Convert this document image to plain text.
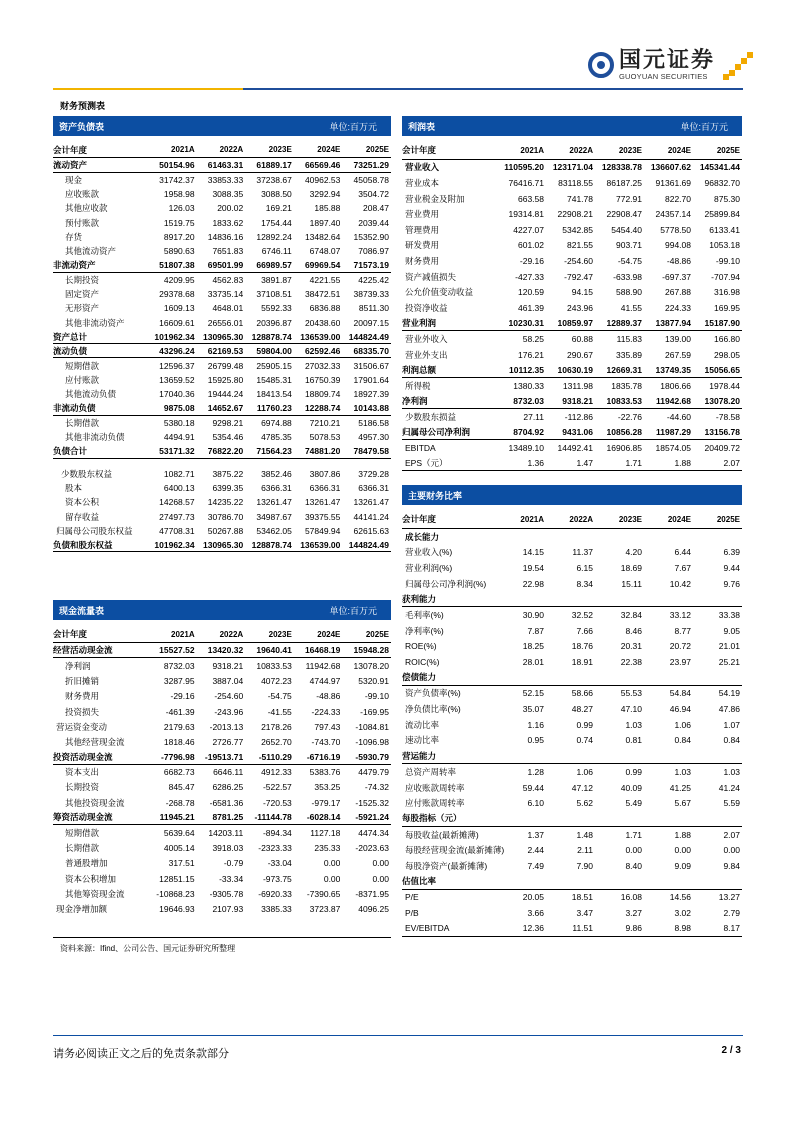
国元证券
GUOYUAN SECURITIES
财务预测表
资产负债表	单位:百万元
会计年度	2021A	2022A	2023E	2024E	2025E
流动资产	50154.96	61463.31	61889.17	66569.46	73251.29
现金	31742.37	33853.33	37238.67	40962.53	45058.78
应收账款	1958.98	3088.35	3088.50	3292.94	3504.72
其他应收款	126.03	200.02	169.21	185.88	208.47
预付账款	1519.75	1833.62	1754.44	1897.40	2039.44
存货	8917.20	14836.16	12892.24	13482.64	15352.90
其他流动资产	5890.63	7651.83	6746.11	6748.07	7086.97
非流动资产	51807.38	69501.99	66989.57	69969.54	71573.19
长期投资	4209.95	4562.83	3891.87	4221.55	4225.42
固定资产	29378.68	33735.14	37108.51	38472.51	38739.33
无形资产	1609.13	4648.01	5592.33	6836.88	8511.30
其他非流动资产	16609.61	26556.01	20396.87	20438.60	20097.15
资产总计	101962.34 130965.30 128878.74 136539.00 144824.49
流动负债	43296.24	62169.53	59804.00	62592.46	68335.70
短期借款	12596.37	26799.48	25905.15	27032.33	31506.67
应付账款	13659.52	15925.80	15485.31	16750.39	17901.64
其他流动负债	17040.36	19444.24	18413.54	18809.74	18927.39
非流动负债	9875.08	14652.67	11760.23	12288.74	10143.88
长期借款	5380.18	9298.21	6974.88	7210.21	5186.58
其他非流动负债	4494.91	5354.46	4785.35	5078.53	4957.30
负债合计	53171.32	76822.20	71564.23	74881.20	78479.58
少数股东权益	1082.71	3875.22	3852.46	3807.86	3729.28
股本	6400.13	6399.35	6366.31	6366.31	6366.31
资本公积	14268.57	14235.22	13261.47	13261.47	13261.47
留存收益	27497.73	30786.70	34987.67	39375.55	44141.24
归属母公司股东权益	47708.31	50267.88	53462.05	57849.94	62615.63
负债和股东权益	101962.34 130965.30 128878.74 136539.00 144824.49
现金流量表	单位:百万元
会计年度	2021A	2022A	2023E	2024E	2025E
经营活动现金流	15527.52	13420.32	19640.41	16468.19	15948.28
净利润	8732.03	9318.21	10833.53	11942.68	13078.20
折旧摊销	3287.95	3887.04	4072.23	4744.97	5320.91
财务费用	-29.16	-254.60	-54.75	-48.86	-99.10
投资损失	-461.39	-243.96	-41.55	-224.33	-169.95
营运资金变动	2179.63	-2013.13	2178.26	797.43	-1084.81
其他经营现金流	1818.46	2726.77	2652.70	-743.70	-1096.98
投资活动现金流	-7796.98	-19513.71	-5110.29	-6716.19	-5930.79
资本支出	6682.73	6646.11	4912.33	5383.76	4479.79
长期投资	845.47	6286.25	-522.57	353.25	-74.32
其他投资现金流	-268.78	-6581.36	-720.53	-979.17	-1525.32
筹资活动现金流	11945.21	8781.25	-11144.78	-6028.14	-5921.24
短期借款	5639.64	14203.11	-894.34	1127.18	4474.34
长期借款	4005.14	3918.03	-2323.33	235.33	-2023.63
普通股增加	317.51	-0.79	-33.04	0.00	0.00
资本公积增加	12851.15	-33.34	-973.75	0.00	0.00
其他筹资现金流	-10868.23	-9305.78	-6920.33	-7390.65	-8371.95
现金净增加额	19646.93	2107.93	3385.33	3723.87	4096.25
利润表	单位:百万元
会计年度	2021A	2022A	2023E	2024E	2025E
营业收入	110595.20	123171.04	128338.78	136607.62	145341.44
营业成本	76416.71	83118.55	86187.25	91361.69	96832.70
营业税金及附加	663.58	741.78	772.91	822.70	875.30
营业费用	19314.81	22908.21	22908.47	24357.14	25899.84
管理费用	4227.07	5342.85	5454.40	5778.50	6133.41
研发费用	601.02	821.55	903.71	994.08	1053.18
财务费用	-29.16	-254.60	-54.75	-48.86	-99.10
资产减值损失	-427.33	-792.47	-633.98	-697.37	-707.94
公允价值变动收益	120.59	94.15	588.90	267.88	316.98
投资净收益	461.39	243.96	41.55	224.33	169.95
营业利润	10230.31	10859.97	12889.37	13877.94	15187.90
营业外收入	58.25	60.88	115.83	139.00	166.80
营业外支出	176.21	290.67	335.89	267.59	298.05
利润总额	10112.35	10630.19	12669.31	13749.35	15056.65
所得税	1380.33	1311.98	1835.78	1806.66	1978.44
净利润	8732.03	9318.21	10833.53	11942.68	13078.20
少数股东损益	27.11	-112.86	-22.76	-44.60	-78.58
归属母公司净利润	8704.92	9431.06	10856.28	11987.29	13156.78
EBITDA	13489.10	14492.41	16906.85	18574.05	20409.72
EPS（元）	1.36	1.47	1.71	1.88	2.07
主要财务比率
会计年度	2021A	2022A	2023E	2024E	2025E
成长能力
营业收入(%)	14.15	11.37	4.20	6.44	6.39
营业利润(%)	19.54	6.15	18.69	7.67	9.44
归属母公司净利润(%)	22.98	8.34	15.11	10.42	9.76
获利能力
毛利率(%)	30.90	32.52	32.84	33.12	33.38
净利率(%)	7.87	7.66	8.46	8.77	9.05
ROE(%)	18.25	18.76	20.31	20.72	21.01
ROIC(%)	28.01	18.91	22.38	23.97	25.21
偿债能力
资产负债率(%)	52.15	58.66	55.53	54.84	54.19
净负债比率(%)	35.07	48.27	47.10	46.94	47.86
流动比率	1.16	0.99	1.03	1.06	1.07
速动比率	0.95	0.74	0.81	0.84	0.84
营运能力
总资产周转率	1.28	1.06	0.99	1.03	1.03
应收账款周转率	59.44	47.12	40.09	41.25	41.24
应付账款周转率	6.10	5.62	5.49	5.67	5.59
每股指标（元）
每股收益(最新摊薄)	1.37	1.48	1.71	1.88	2.07
每股经营现金流(最新摊薄)	2.44	2.11	0.00	0.00	0.00
每股净资产(最新摊薄)	7.49	7.90	8.40	9.09	9.84
估值比率
P/E	20.05	18.51	16.08	14.56	13.27
P/B	3.66	3.47	3.27	3.02	2.79
EV/EBITDA	12.36	11.51	9.86	8.98	8.17
资料来源：Ifind、公司公告、国元证券研究所整理
请务必阅读正文之后的免责条款部分	2 / 3
